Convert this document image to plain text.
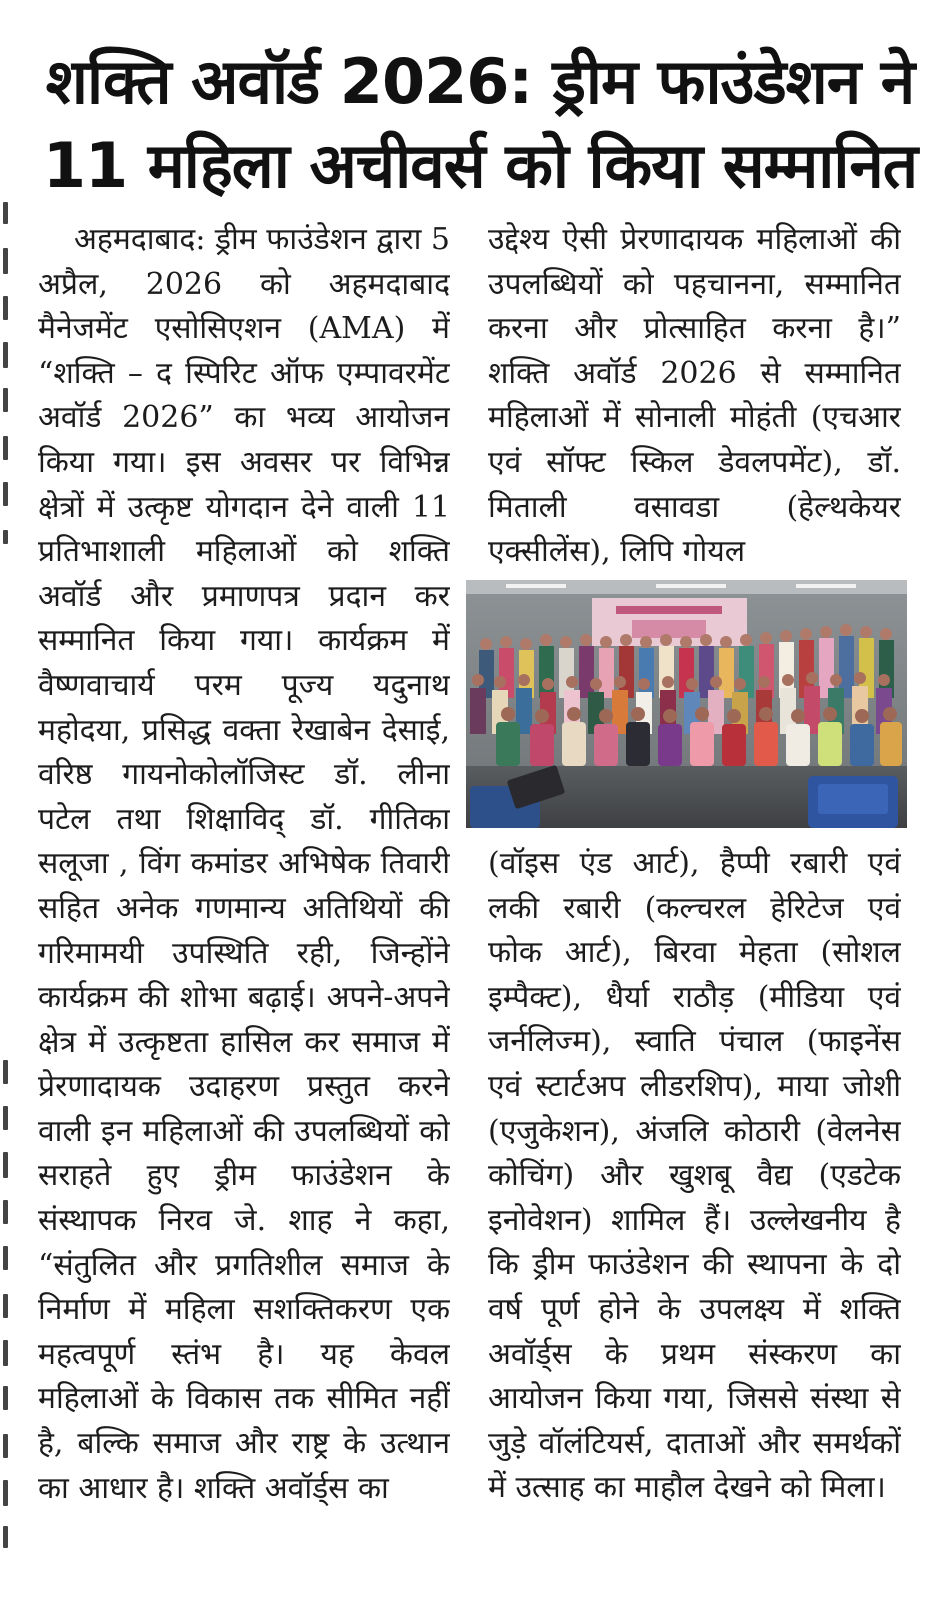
शक्ति अवॉर्ड 2026: ड्रीम फाउंडेशन ने 11 महिला अचीवर्स को किया सम्मानित

अहमदाबाद: ड्रीम फाउंडेशन द्वारा 5 अप्रैल, 2026 को अहमदाबाद मैनेजमेंट एसोसिएशन (AMA) में “शक्ति – द स्पिरिट ऑफ एम्पावरमेंट अवॉर्ड 2026” का भव्य आयोजन किया गया। इस अवसर पर विभिन्न क्षेत्रों में उत्कृष्ट योगदान देने वाली 11 प्रतिभाशाली महिलाओं को शक्ति अवॉर्ड और प्रमाणपत्र प्रदान कर सम्मानित किया गया। कार्यक्रम में वैष्णवाचार्य परम पूज्य यदुनाथ महोदया, प्रसिद्ध वक्ता रेखाबेन देसाई, वरिष्ठ गायनोकोलॉजिस्ट डॉ. लीना पटेल तथा शिक्षाविद् डॉ. गीतिका सलूजा , विंग कमांडर अभिषेक तिवारी सहित अनेक गणमान्य अतिथियों की गरिमामयी उपस्थिति रही, जिन्होंने कार्यक्रम की शोभा बढ़ाई। अपने-अपने क्षेत्र में उत्कृष्टता हासिल कर समाज में प्रेरणादायक उदाहरण प्रस्तुत करने वाली इन महिलाओं की उपलब्धियों को सराहते हुए ड्रीम फाउंडेशन के संस्थापक निरव जे. शाह ने कहा, “संतुलित और प्रगतिशील समाज के निर्माण में महिला सशक्तिकरण एक महत्वपूर्ण स्तंभ है। यह केवल महिलाओं के विकास तक सीमित नहीं है, बल्कि समाज और राष्ट्र के उत्थान का आधार है। शक्ति अवॉर्ड्स का

उद्देश्य ऐसी प्रेरणादायक महिलाओं की उपलब्धियों को पहचानना, सम्मानित करना और प्रोत्साहित करना है।” शक्ति अवॉर्ड 2026 से सम्मानित महिलाओं में सोनाली मोहंती (एचआर एवं सॉफ्ट स्किल डेवलपमेंट), डॉ. मिताली वसावडा (हेल्थकेयर एक्सीलेंस), लिपि गोयल

(वॉइस एंड आर्ट), हैप्पी रबारी एवं लकी रबारी (कल्चरल हेरिटेज एवं फोक आर्ट), बिरवा मेहता (सोशल इम्पैक्ट), धैर्या राठौड़ (मीडिया एवं जर्नलिज्म), स्वाति पंचाल (फाइनेंस एवं स्टार्टअप लीडरशिप), माया जोशी (एजुकेशन), अंजलि कोठारी (वेलनेस कोचिंग) और खुशबू वैद्य (एडटेक इनोवेशन) शामिल हैं। उल्लेखनीय है कि ड्रीम फाउंडेशन की स्थापना के दो वर्ष पूर्ण होने के उपलक्ष्य में शक्ति अवॉर्ड्स के प्रथम संस्करण का आयोजन किया गया, जिससे संस्था से जुड़े वॉलंटियर्स, दाताओं और समर्थकों में उत्साह का माहौल देखने को मिला।
